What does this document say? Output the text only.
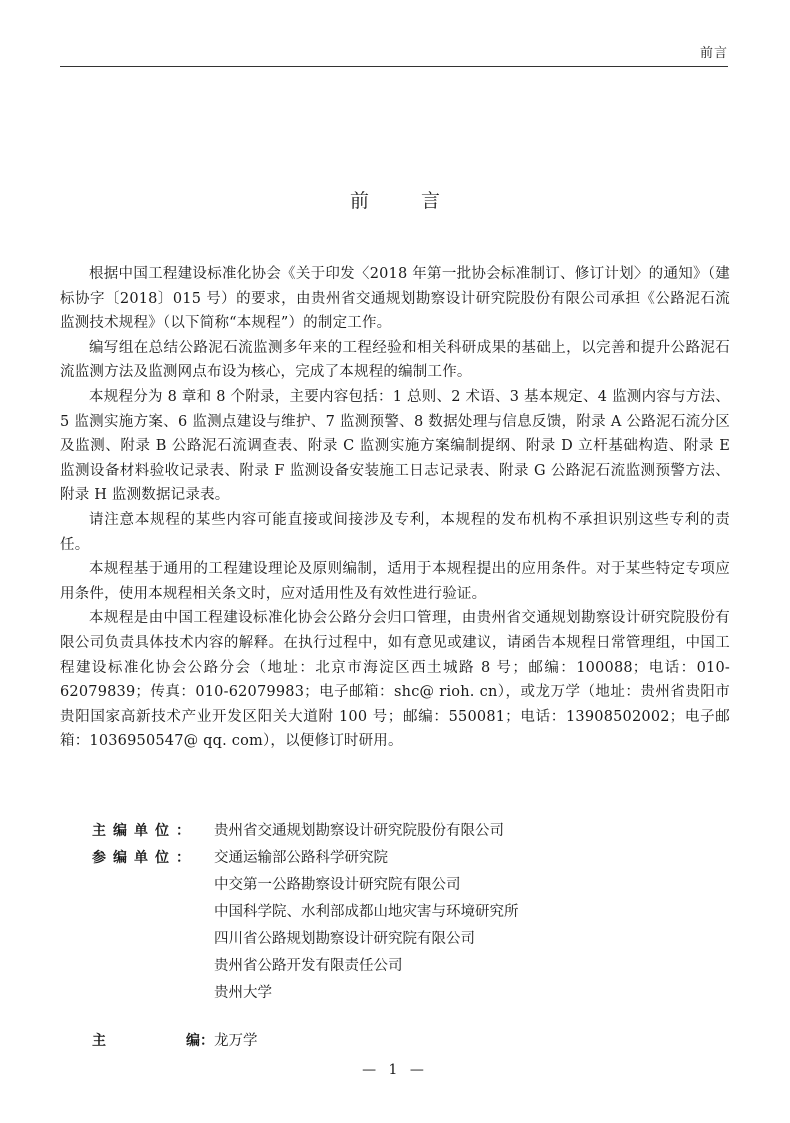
前言
前言

根据中国工程建设标准化协会《关于印发〈2018 年第一批协会标准制订、修订计划〉的通知》（建标协字〔2018〕015 号）的要求，由贵州省交通规划勘察设计研究院股份有限公司承担《公路泥石流监测技术规程》（以下简称“本规程”）的制定工作。

编写组在总结公路泥石流监测多年来的工程经验和相关科研成果的基础上，以完善和提升公路泥石流监测方法及监测网点布设为核心，完成了本规程的编制工作。

本规程分为 8 章和 8 个附录，主要内容包括：1 总则、2 术语、3 基本规定、4 监测内容与方法、5 监测实施方案、6 监测点建设与维护、7 监测预警、8 数据处理与信息反馈，附录 A 公路泥石流分区及监测、附录 B 公路泥石流调查表、附录 C 监测实施方案编制提纲、附录 D 立杆基础构造、附录 E 监测设备材料验收记录表、附录 F 监测设备安装施工日志记录表、附录 G 公路泥石流监测预警方法、附录 H 监测数据记录表。

请注意本规程的某些内容可能直接或间接涉及专利，本规程的发布机构不承担识别这些专利的责任。

本规程基于通用的工程建设理论及原则编制，适用于本规程提出的应用条件。对于某些特定专项应用条件，使用本规程相关条文时，应对适用性及有效性进行验证。

本规程是由中国工程建设标准化协会公路分会归口管理，由贵州省交通规划勘察设计研究院股份有限公司负责具体技术内容的解释。在执行过程中，如有意见或建议，请函告本规程日常管理组，中国工程建设标准化协会公路分会（地址：北京市海淀区西土城路 8 号；邮编：100088；电话：010-62079839；传真：010-62079983；电子邮箱：shc@ rioh. cn），或龙万学（地址：贵州省贵阳市贵阳国家高新技术产业开发区阳关大道附 100 号；邮编：550081；电话：13908502002；电子邮箱：1036950547@ qq. com），以便修订时研用。

主编单位：	贵州省交通规划勘察设计研究院股份有限公司
参编单位：	交通运输部公路科学研究院
中交第一公路勘察设计研究院有限公司
中国科学院、水利部成都山地灾害与环境研究所
四川省公路规划勘察设计研究院有限公司
贵州省公路开发有限责任公司
贵州大学
主	编： 龙万学
— 1 —
